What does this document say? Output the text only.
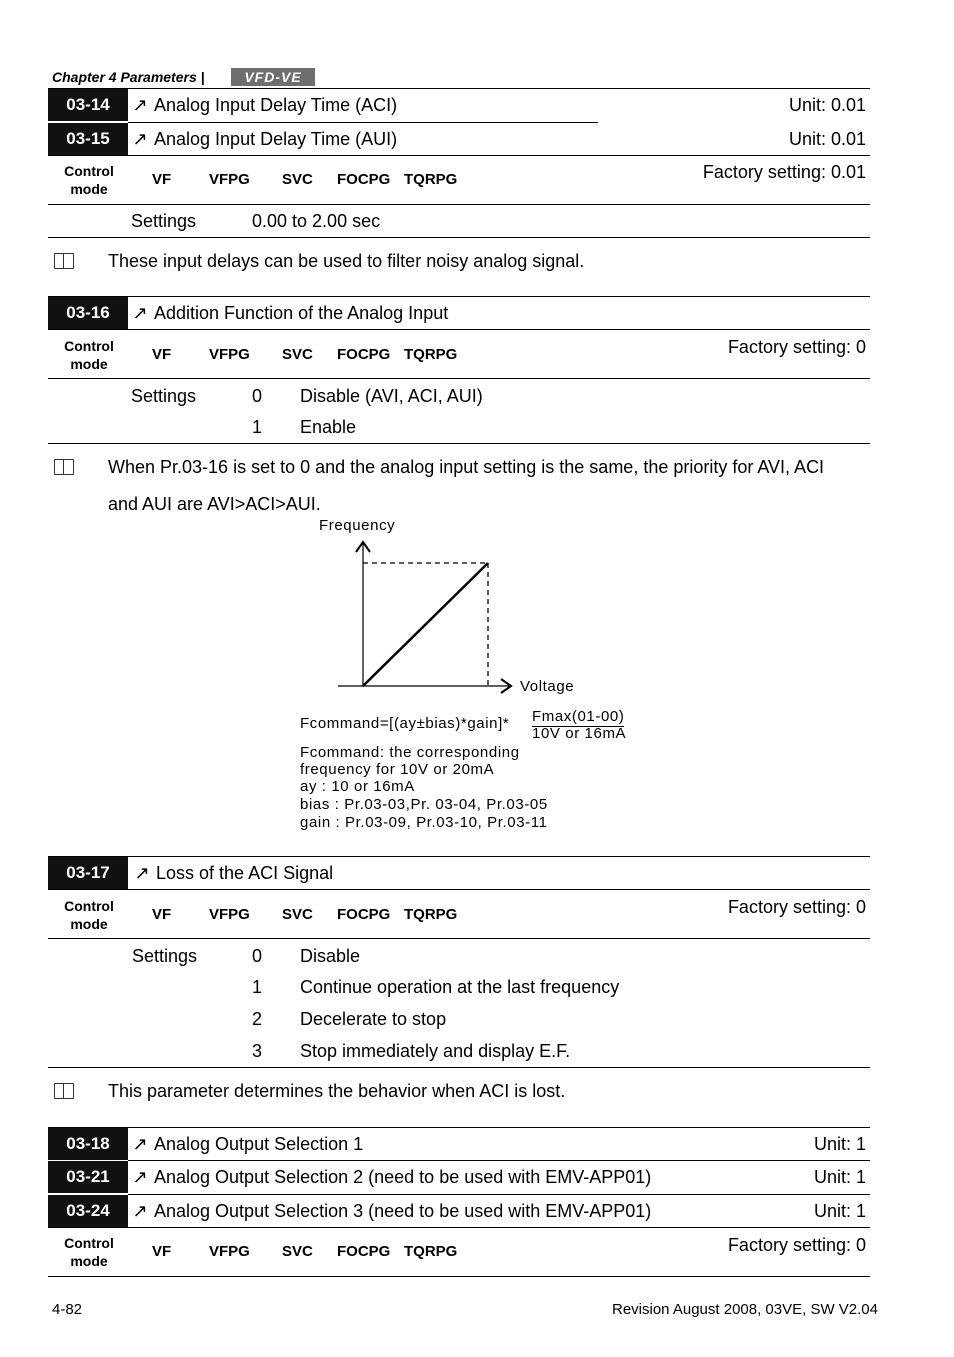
Chapter 4 Parameters |	VFD-VE
03-14	↗ Analog Input Delay Time (ACI)	Unit: 0.01
03-15	↗ Analog Input Delay Time (AUI)	Unit: 0.01
Control
mode
VF	VFPG SVC FOCPG TQRPG	Factory setting: 0.01
Settings	0.00 to 2.00 sec
These input delays can be used to filter noisy analog signal.
03-16	↗ Addition Function of the Analog Input
Control
mode
VF	VFPG SVC FOCPG TQRPG	Factory setting: 0
Settings	0 Disable (AVI, ACI, AUI)
1 Enable
When Pr.03-16 is set to 0 and the analog input setting is the same, the priority for AVI, ACI
and AUI are AVI>ACI>AUI.
Frequency
Voltage
Fcommand=[(ay±bias)*gain]* Fmax(01-00)
10V or 16mA
Fcommand: the corresponding
frequency for 10V or 20mA
ay : 10 or 16mA
bias : Pr.03-03,Pr. 03-04, Pr.03-05
gain : Pr.03-09, Pr.03-10, Pr.03-11
03-17	↗ Loss of the ACI Signal
Control
mode
VF	VFPG SVC FOCPG TQRPG	Factory setting: 0
Settings	0 Disable
1 Continue operation at the last frequency
2 Decelerate to stop
3 Stop immediately and display E.F.
This parameter determines the behavior when ACI is lost.
03-18	↗ Analog Output Selection 1	Unit: 1
03-21	↗ Analog Output Selection 2 (need to be used with EMV-APP01)	Unit: 1
03-24	↗ Analog Output Selection 3 (need to be used with EMV-APP01)	Unit: 1
Control
mode
VF	VFPG SVC FOCPG TQRPG	Factory setting: 0
4-82	Revision August 2008, 03VE, SW V2.04
